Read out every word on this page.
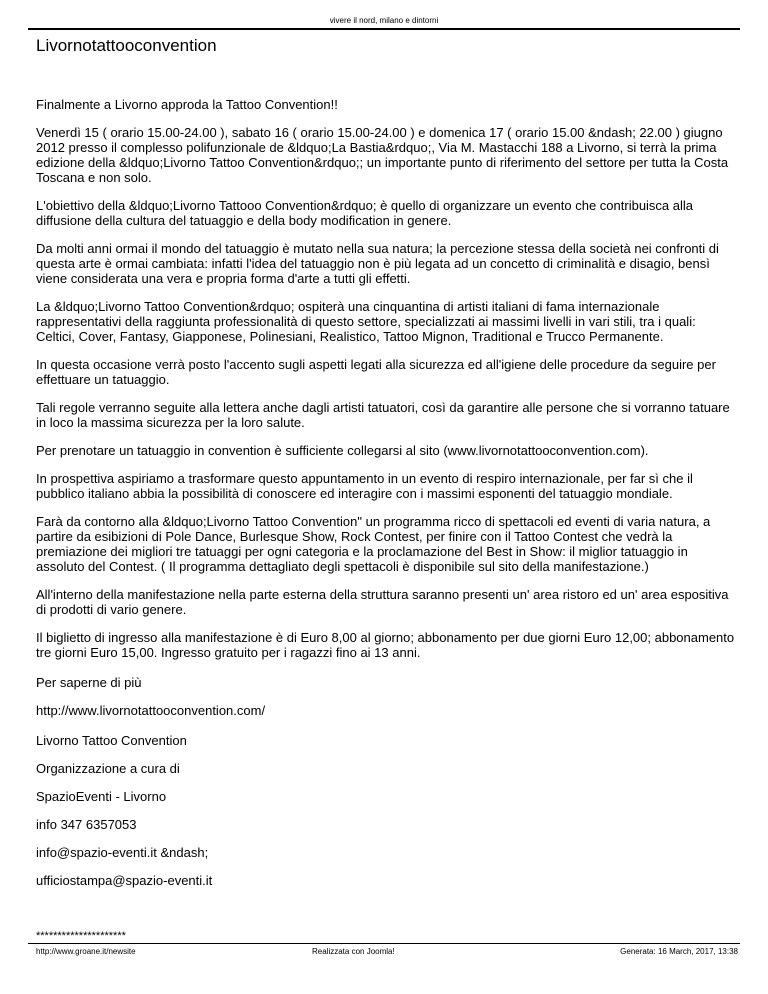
vivere il nord, milano e dintorni
Livornotattooconvention

Finalmente a Livorno approda la Tattoo Convention!!

Venerdì 15 ( orario 15.00-24.00 ), sabato 16 ( orario 15.00-24.00 ) e domenica 17 ( orario 15.00 &ndash; 22.00 ) giugno 2012 presso il complesso polifunzionale de &ldquo;La Bastia&rdquo;, Via M. Mastacchi 188 a Livorno, si terrà la prima edizione della &ldquo;Livorno Tattoo Convention&rdquo;; un importante punto di riferimento del settore per tutta la Costa Toscana e non solo.

L'obiettivo della &ldquo;Livorno Tattooo Convention&rdquo; è quello di organizzare un evento che contribuisca alla diffusione della cultura del tatuaggio e della body modification in genere.

Da molti anni ormai il mondo del tatuaggio è mutato nella sua natura; la percezione stessa della società nei confronti di questa arte è ormai cambiata: infatti l'idea del tatuaggio non è più legata ad un concetto di criminalità e disagio, bensì viene considerata una vera e propria forma d'arte a tutti gli effetti.

La &ldquo;Livorno Tattoo Convention&rdquo; ospiterà una cinquantina di artisti italiani di fama internazionale rappresentativi della raggiunta professionalità di questo settore, specializzati ai massimi livelli in vari stili, tra i quali: Celtici, Cover, Fantasy, Giapponese, Polinesiani, Realistico, Tattoo Mignon, Traditional e Trucco Permanente.

In questa occasione verrà posto l'accento sugli aspetti legati alla sicurezza ed all'igiene delle procedure da seguire per effettuare un tatuaggio.

Tali regole verranno seguite alla lettera anche dagli artisti tatuatori, così da garantire alle persone che si vorranno tatuare in loco la massima sicurezza per la loro salute.

Per prenotare un tatuaggio in convention è sufficiente collegarsi al sito (www.livornotattooconvention.com).

In prospettiva aspiriamo a trasformare questo appuntamento in un evento di respiro internazionale, per far sì che il pubblico italiano abbia la possibilità di conoscere ed interagire con i massimi esponenti del tatuaggio mondiale.

Farà da contorno alla &ldquo;Livorno Tattoo Convention" un programma ricco di spettacoli ed eventi di varia natura, a partire da esibizioni di Pole Dance, Burlesque Show, Rock Contest, per finire con il Tattoo Contest che vedrà la premiazione dei migliori tre tatuaggi per ogni categoria e la proclamazione del Best in Show: il miglior tatuaggio in assoluto del Contest. ( Il programma dettagliato degli spettacoli è disponibile sul sito della manifestazione.)

All'interno della manifestazione nella parte esterna della struttura saranno presenti un' area ristoro ed un' area espositiva di prodotti di vario genere.

Il biglietto di ingresso alla manifestazione è di Euro 8,00 al giorno; abbonamento per due giorni Euro 12,00; abbonamento tre giorni Euro 15,00. Ingresso gratuito per i ragazzi fino ai 13 anni.

Per saperne di più

http://www.livornotattooconvention.com/

Livorno Tattoo Convention

Organizzazione a cura di

SpazioEventi - Livorno

info 347 6357053

info@spazio-eventi.it &ndash;

ufficiostampa@spazio-eventi.it

*********************
http://www.groane.it/newsite	Realizzata con Joomla!	Generata: 16 March, 2017, 13:38
